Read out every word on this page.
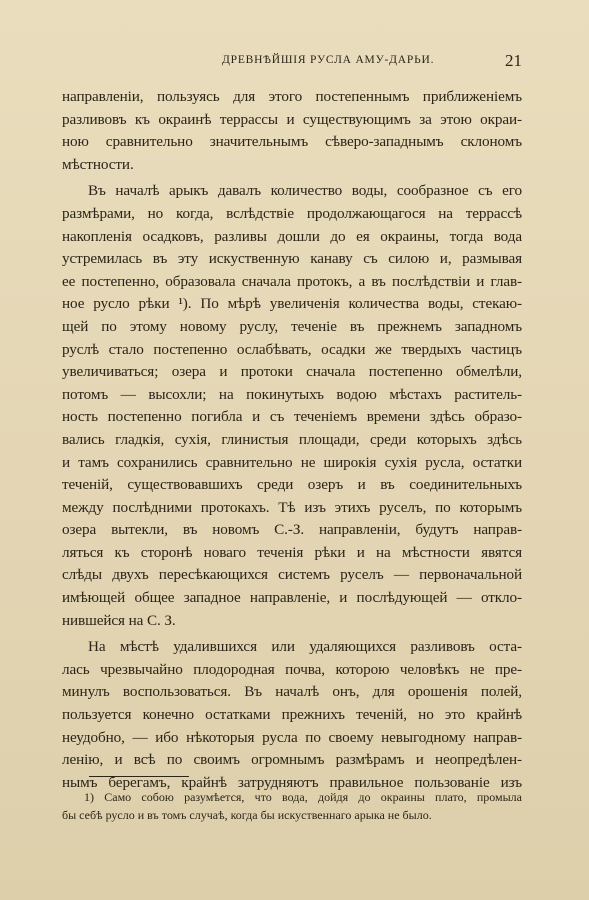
ДРЕВНѢЙШІЯ РУСЛА АМУ-ДАРЬИ.	21
направленіи, пользуясь для этого постепеннымъ приближеніемъ
разливовъ къ окраинѣ террассы и существующимъ за этою окраи-
ною сравнительно значительнымъ сѣверо-западнымъ склономъ
мѣстности.
Въ началѣ арыкъ давалъ количество воды, сообразное съ его
размѣрами, но когда, вслѣдствіе продолжающагося на террассѣ
накопленія осадковъ, разливы дошли до ея окраины, тогда вода
устремилась въ эту искуственную канаву съ силою и, размывая
ее постепенно, образовала сначала протокъ, а въ послѣдствіи и глав-
ное русло рѣки ¹). По мѣрѣ увеличенія количества воды, стекаю-
щей по этому новому руслу, теченіе въ прежнемъ западномъ
руслѣ стало постепенно ослабѣвать, осадки же твердыхъ частицъ
увеличиваться; озера и протоки сначала постепенно обмелѣли,
потомъ — высохли; на покинутыхъ водою мѣстахъ раститель-
ность постепенно погибла и съ теченіемъ времени здѣсь образо-
вались гладкія, сухія, глинистыя площади, среди которыхъ здѣсь
и тамъ сохранились сравнительно не широкія сухія русла, остатки
теченій, существовавшихъ среди озеръ и въ соединительныхъ
между послѣдними протокахъ. Тѣ изъ этихъ руселъ, по которымъ
озера вытекли, въ новомъ С.-З. направленіи, будутъ направ-
ляться къ сторонѣ новаго теченія рѣки и на мѣстности явятся
слѣды двухъ пересѣкающихся системъ руселъ — первоначальной
имѣющей общее западное направленіе, и послѣдующей — откло-
нившейся на С. З.
На мѣстѣ удалившихся или удаляющихся разливовъ оста-
лась чрезвычайно плодородная почва, которою человѣкъ не пре-
минулъ воспользоваться. Въ началѣ онъ, для орошенія полей,
пользуется конечно остатками прежнихъ теченій, но это крайнѣ
неудобно, — ибо нѣкоторыя русла по своему невыгодному направ-
ленію, и всѣ по своимъ огромнымъ размѣрамъ и неопредѣлен-
нымъ берегамъ, крайнѣ затрудняютъ правильное пользованіе изъ
1) Само собою разумѣется, что вода, дойдя до окраины плато, промыла
бы себѣ русло и въ томъ случаѣ, когда бы искуственнаго арыка не было.
